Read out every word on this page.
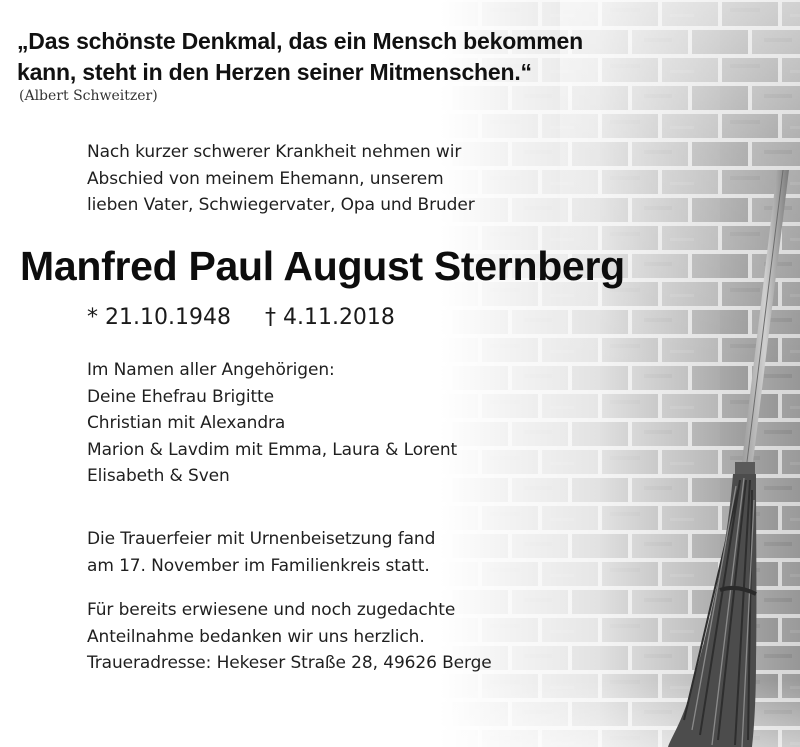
„Das schönste Denkmal, das ein Mensch bekommen
kann, steht in den Herzen seiner Mitmenschen.“
(Albert Schweitzer)
Nach kurzer schwerer Krankheit nehmen wir
Abschied von meinem Ehemann, unserem
lieben Vater, Schwiegervater, Opa und Bruder
Manfred Paul August Sternberg
* 21.10.1948 † 4.11.2018
Im Namen aller Angehörigen:
Deine Ehefrau Brigitte
Christian mit Alexandra
Marion & Lavdim mit Emma, Laura & Lorent
Elisabeth & Sven
Die Trauerfeier mit Urnenbeisetzung fand
am 17. November im Familienkreis statt.
Für bereits erwiesene und noch zugedachte
Anteilnahme bedanken wir uns herzlich.
Traueradresse: Hekeser Straße 28, 49626 Berge
